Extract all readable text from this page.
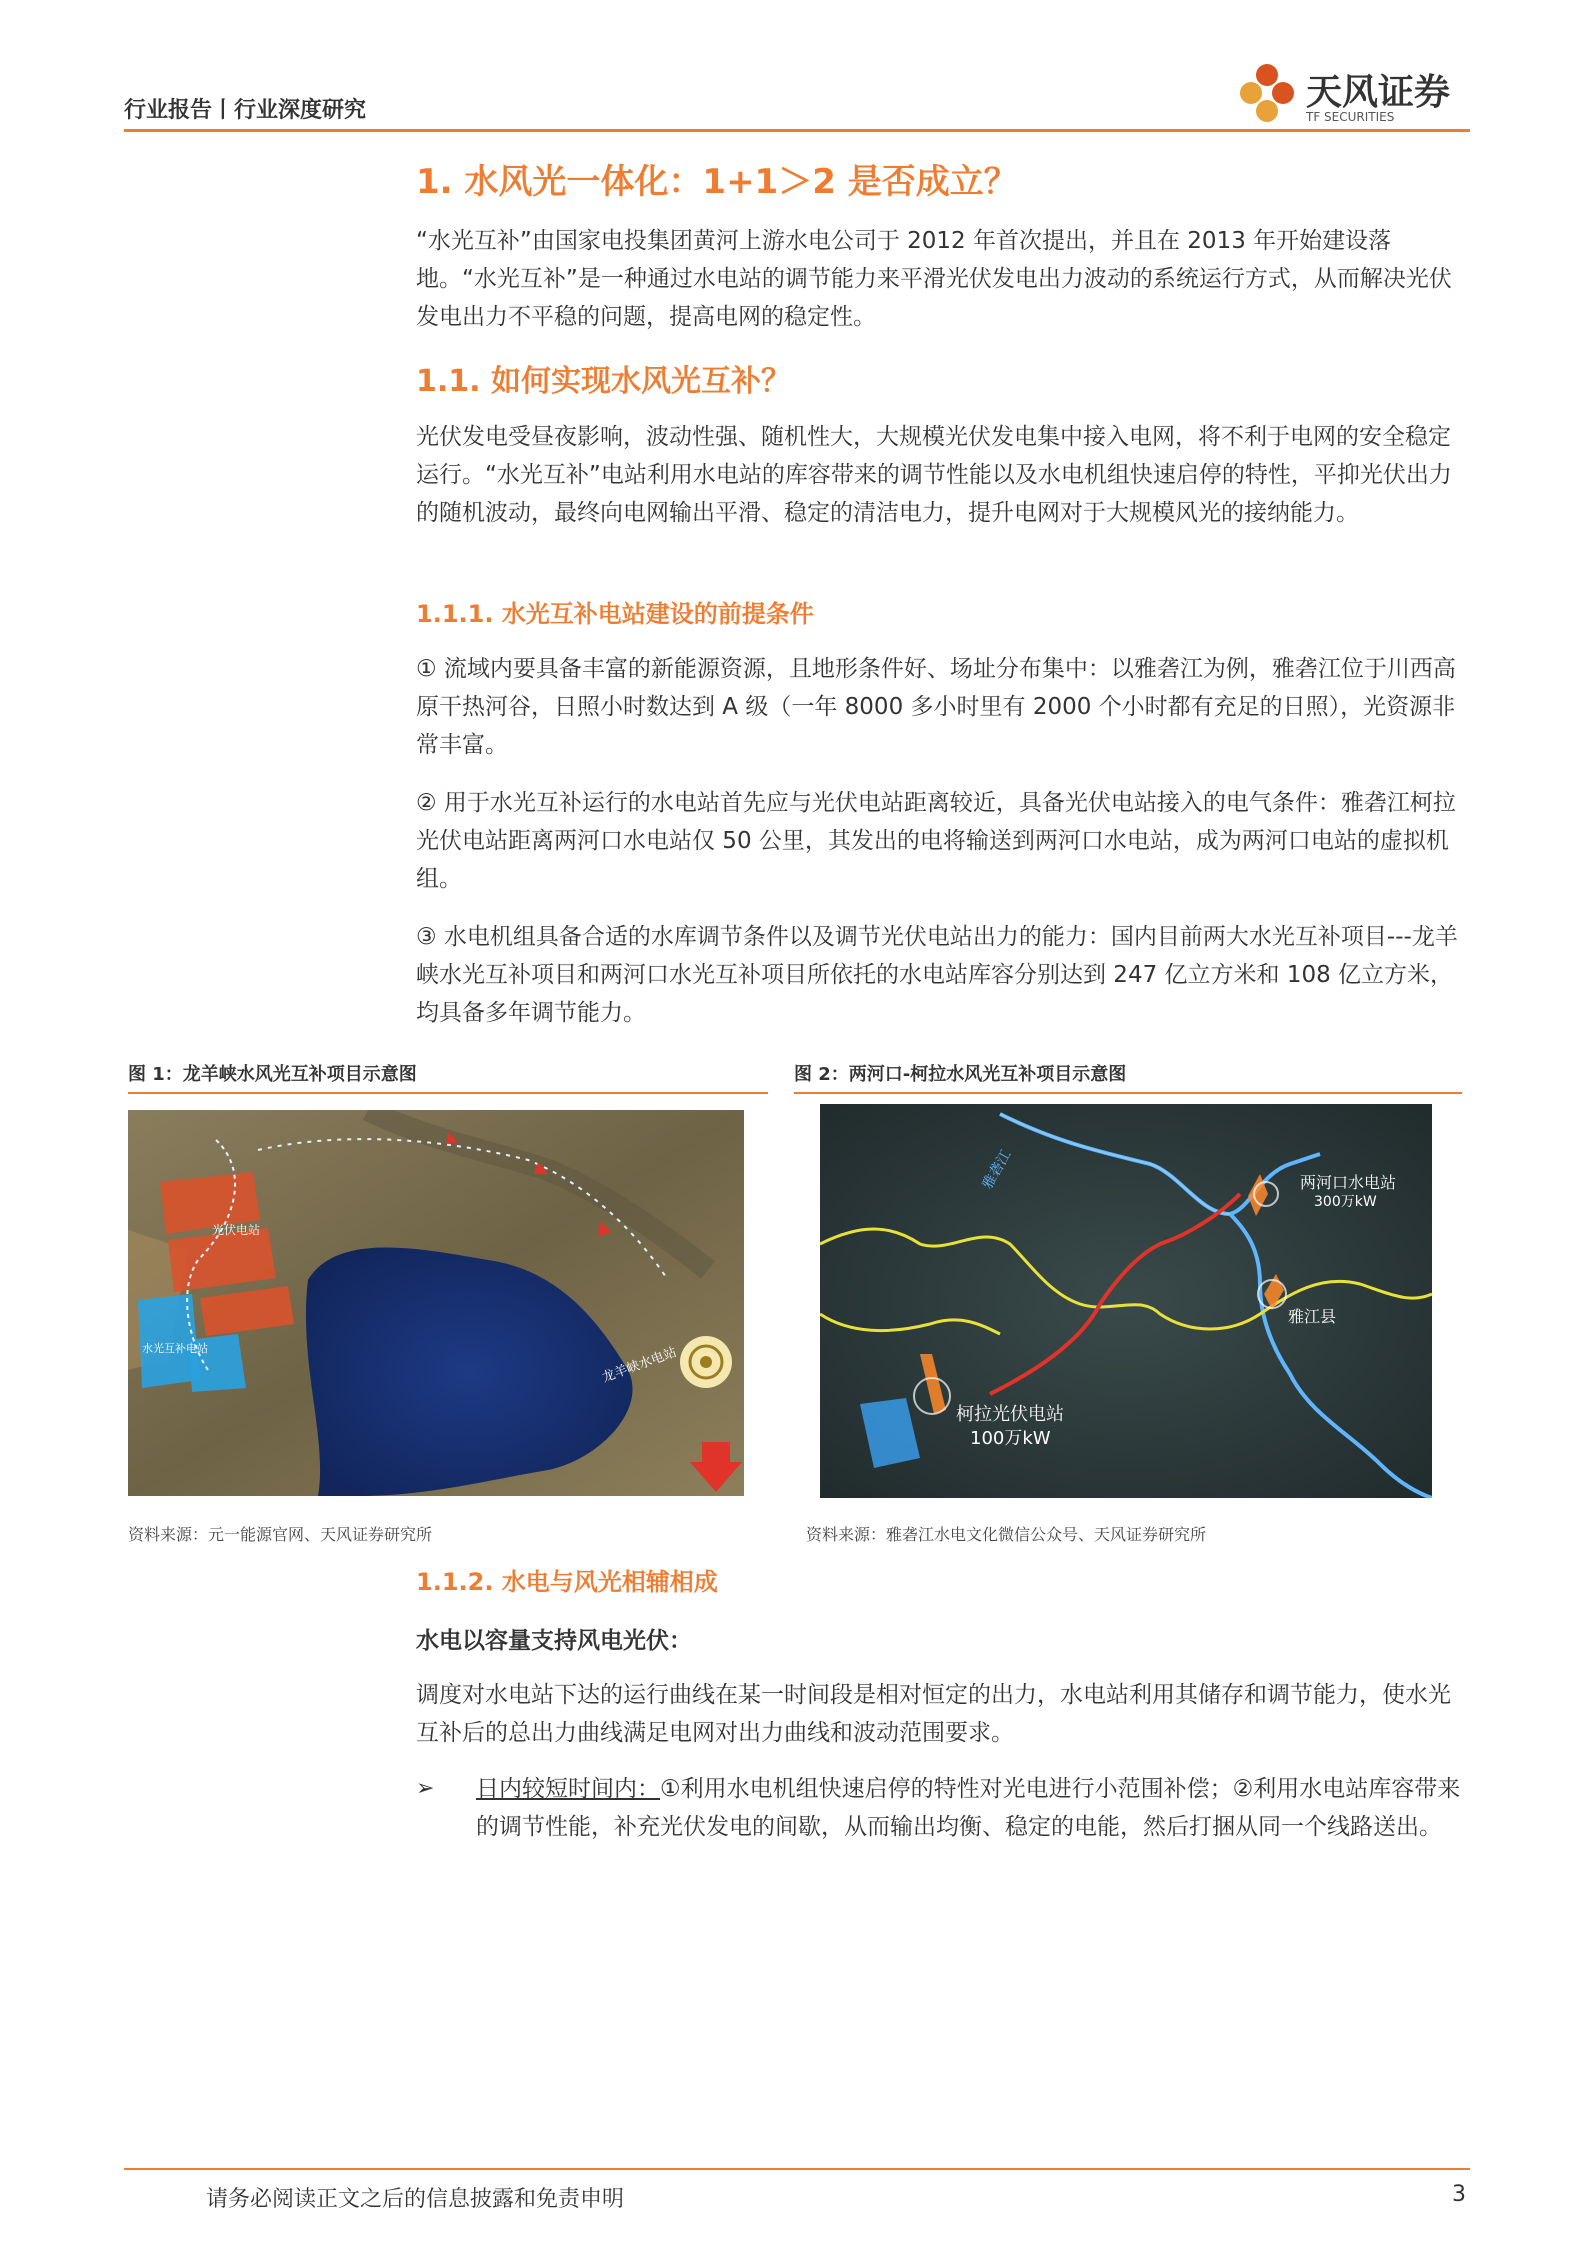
行业报告丨行业深度研究	天风证券
TF SECURITIES
1. 水风光一体化：1+1＞2 是否成立？
“水光互补”由国家电投集团黄河上游水电公司于 2012 年首次提出，并且在 2013 年开始建设落地。“水光互补”是一种通过水电站的调节能力来平滑光伏发电出力波动的系统运行方式，从而解决光伏发电出力不平稳的问题，提高电网的稳定性。
1.1. 如何实现水风光互补？
光伏发电受昼夜影响，波动性强、随机性大，大规模光伏发电集中接入电网，将不利于电网的安全稳定运行。“水光互补”电站利用水电站的库容带来的调节性能以及水电机组快速启停的特性，平抑光伏出力的随机波动，最终向电网输出平滑、稳定的清洁电力，提升电网对于大规模风光的接纳能力。
1.1.1. 水光互补电站建设的前提条件
① 流域内要具备丰富的新能源资源，且地形条件好、场址分布集中：以雅砻江为例，雅砻江位于川西高原干热河谷，日照小时数达到 A 级（一年 8000 多小时里有 2000 个小时都有充足的日照），光资源非常丰富。
② 用于水光互补运行的水电站首先应与光伏电站距离较近，具备光伏电站接入的电气条件：雅砻江柯拉光伏电站距离两河口水电站仅 50 公里，其发出的电将输送到两河口水电站，成为两河口电站的虚拟机组。
③ 水电机组具备合适的水库调节条件以及调节光伏电站出力的能力：国内目前两大水光互补项目---龙羊峡水光互补项目和两河口水光互补项目所依托的水电站库容分别达到 247 亿立方米和 108 亿立方米，均具备多年调节能力。
图 1：龙羊峡水风光互补项目示意图
光伏电站
龙羊峡水电站
水光互补电站
资料来源：元一能源官网、天风证券研究所
图 2：两河口-柯拉水风光互补项目示意图
雅砻江	两河口水电站
300万kW
雅江县
柯拉光伏电站
100万kW
资料来源：雅砻江水电文化微信公众号、天风证券研究所
1.1.2. 水电与风光相辅相成
水电以容量支持风电光伏：
调度对水电站下达的运行曲线在某一时间段是相对恒定的出力，水电站利用其储存和调节能力，使水光互补后的总出力曲线满足电网对出力曲线和波动范围要求。
➢ 日内较短时间内：①利用水电机组快速启停的特性对光电进行小范围补偿；②利用水电站库容带来的调节性能，补充光伏发电的间歇，从而输出均衡、稳定的电能，然后打捆从同一个线路送出。
请务必阅读正文之后的信息披露和免责申明	3
